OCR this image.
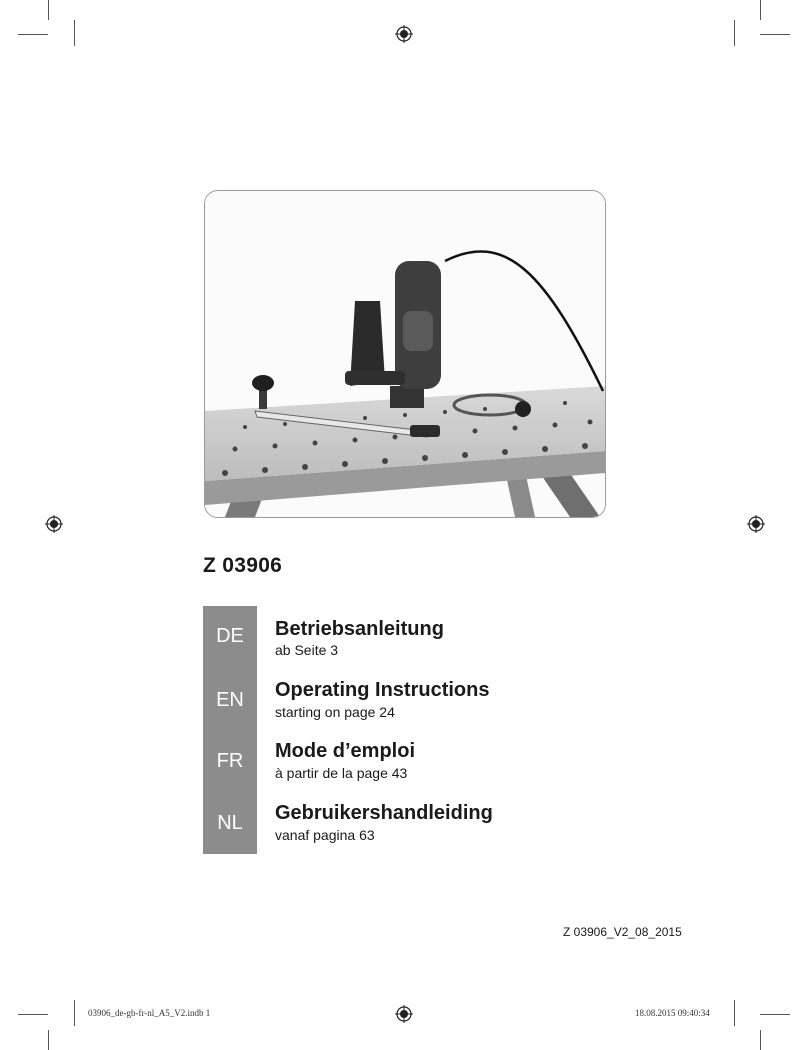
Z 03906
DE	Betriebsanleitung
ab Seite 3
EN	Operating Instructions
starting on page 24
FR	Mode d’emploi
à partir de la page 43
NL	Gebruikershandleiding
vanaf pagina 63
Z 03906_V2_08_2015
03906_de-gb-fr-nl_A5_V2.indb 1	18.08.2015 09:40:34
